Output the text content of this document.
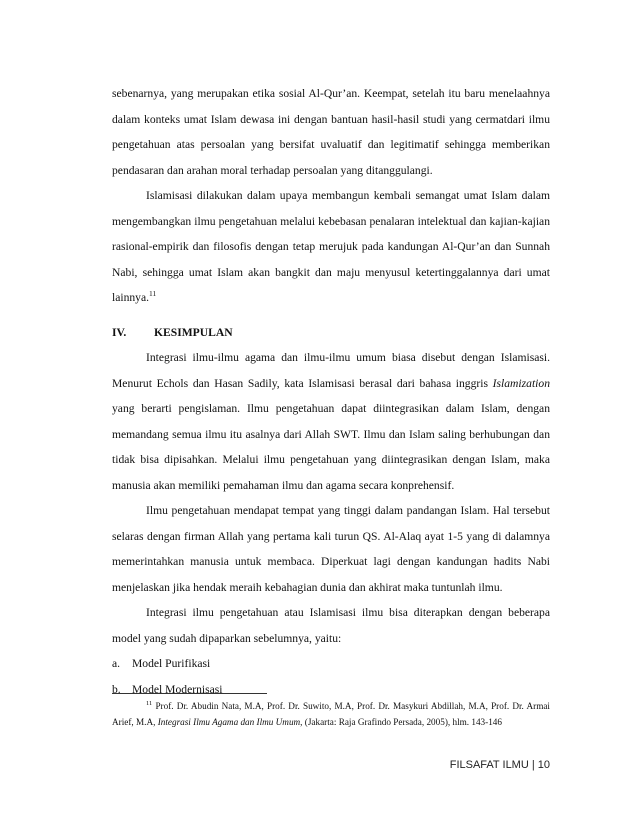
sebenarnya, yang merupakan etika sosial Al-Qur’an. Keempat, setelah itu baru menelaahnya dalam konteks umat Islam dewasa ini dengan bantuan hasil-hasil studi yang cermatdari ilmu pengetahuan atas persoalan yang bersifat uvaluatif dan legitimatif sehingga memberikan pendasaran dan arahan moral terhadap persoalan yang ditanggulangi.

Islamisasi dilakukan dalam upaya membangun kembali semangat umat Islam dalam mengembangkan ilmu pengetahuan melalui kebebasan penalaran intelektual dan kajian-kajian rasional-empirik dan filosofis dengan tetap merujuk pada kandungan Al-Qur’an dan Sunnah Nabi, sehingga umat Islam akan bangkit dan maju menyusul ketertinggalannya dari umat lainnya.$^{11}$

IV.	KESIMPULAN

Integrasi ilmu-ilmu agama dan ilmu-ilmu umum biasa disebut dengan Islamisasi. Menurut Echols dan Hasan Sadily, kata Islamisasi berasal dari bahasa inggris Islamization yang berarti pengislaman. Ilmu pengetahuan dapat diintegrasikan dalam Islam, dengan memandang semua ilmu itu asalnya dari Allah SWT. Ilmu dan Islam saling berhubungan dan tidak bisa dipisahkan. Melalui ilmu pengetahuan yang diintegrasikan dengan Islam, maka manusia akan memiliki pemahaman ilmu dan agama secara konprehensif.

Ilmu pengetahuan mendapat tempat yang tinggi dalam pandangan Islam. Hal tersebut selaras dengan firman Allah yang pertama kali turun QS. Al-Alaq ayat 1-5 yang di dalamnya memerintahkan manusia untuk membaca. Diperkuat lagi dengan kandungan hadits Nabi menjelaskan jika hendak meraih kebahagian dunia dan akhirat maka tuntunlah ilmu.

Integrasi ilmu pengetahuan atau Islamisasi ilmu bisa diterapkan dengan beberapa model yang sudah dipaparkan sebelumnya, yaitu:

a.	Model Purifikasi
b. Model Modernisasi

$^{11}$ Prof. Dr. Abudin Nata, M.A, Prof. Dr. Suwito, M.A, Prof. Dr. Masykuri Abdillah, M.A, Prof. Dr. Armai Arief, M.A, Integrasi Ilmu Agama dan Ilmu Umum, (Jakarta: Raja Grafindo Persada, 2005), hlm. 143-146

FILSAFAT ILMU | 10
